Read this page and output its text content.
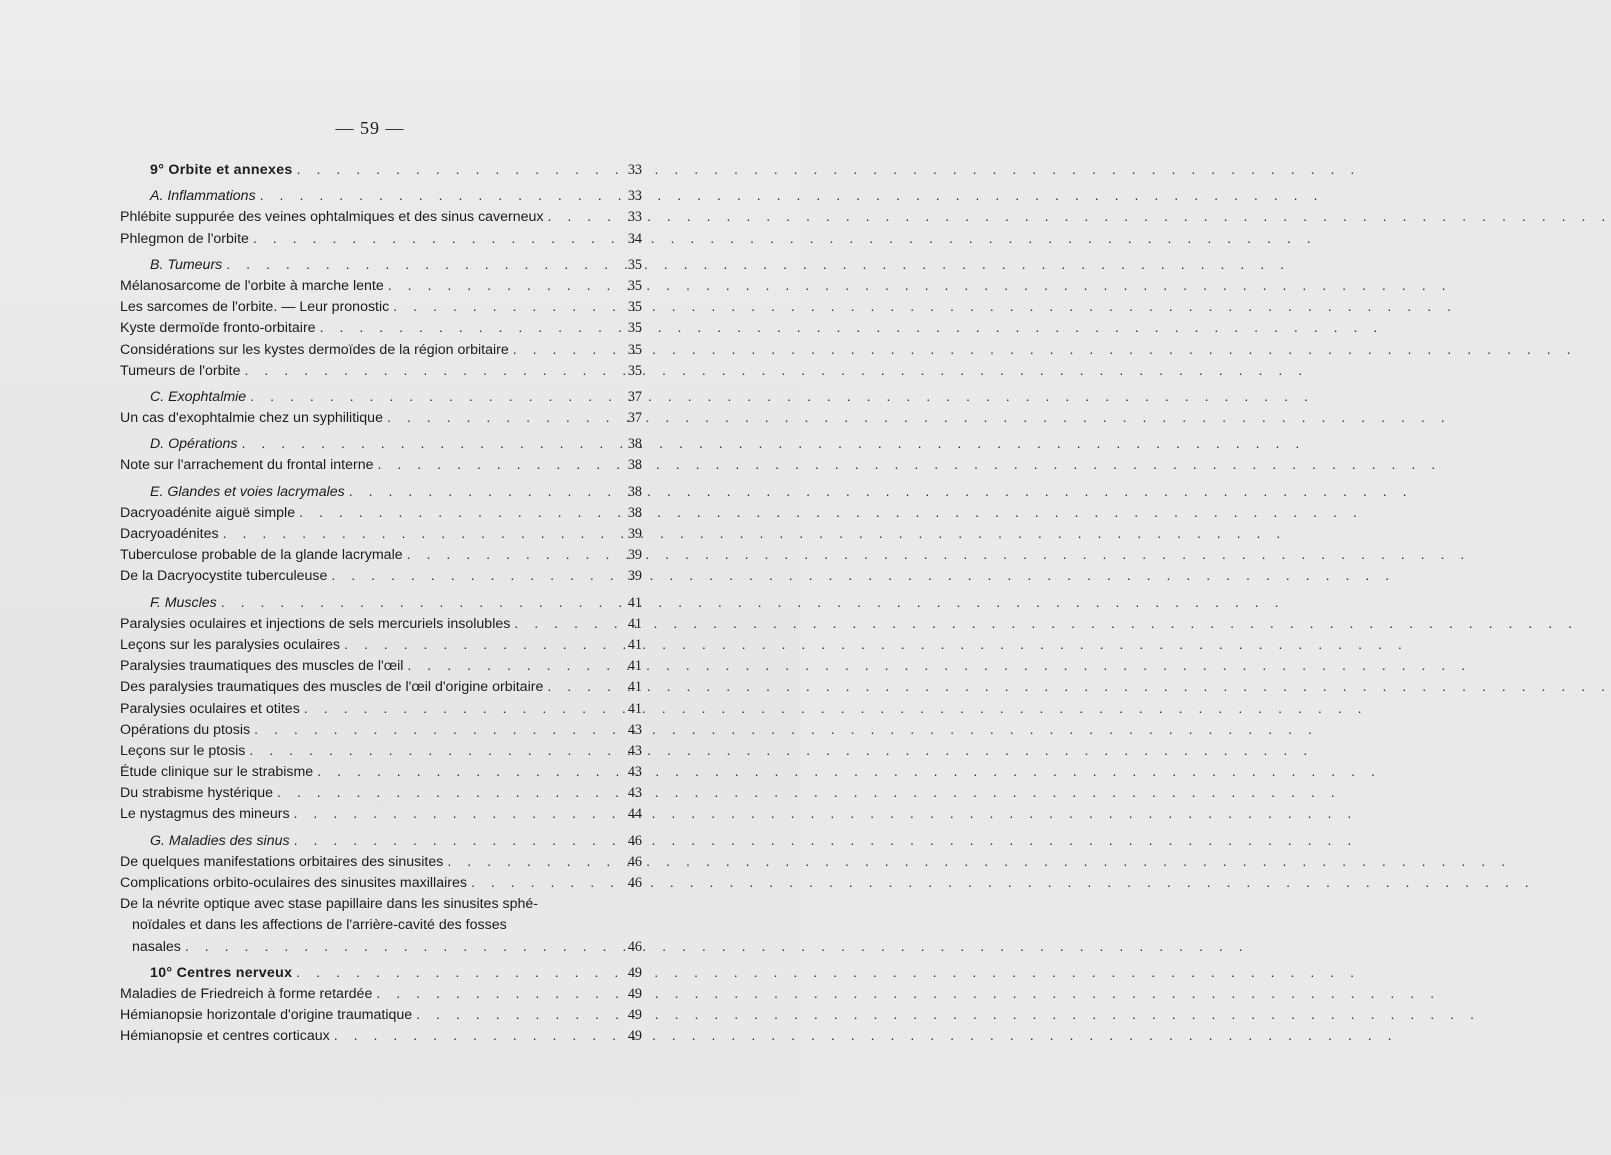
— 59 —
9° Orbite et annexes . . .	33
A. Inflammations . . .	33
Phlébite suppurée des veines ophtalmiques et des sinus caverneux . . .	33
Phlegmon de l'orbite . . .	34
B. Tumeurs . . .	35
Mélanosarcome de l'orbite à marche lente . . .	35
Les sarcomes de l'orbite. — Leur pronostic . . .	35
Kyste dermoïde fronto-orbitaire . . .	35
Considérations sur les kystes dermoïdes de la région orbitaire . . .	35
Tumeurs de l'orbite . . .	35
C. Exophtalmie . . .	37
Un cas d'exophtalmie chez un syphilitique . . .	37
D. Opérations . . .	38
Note sur l'arrachement du frontal interne . . .	38
E. Glandes et voies lacrymales . . .	38
Dacryoadénite aiguë simple . . .	38
Dacryoadénites . . .	39
Tuberculose probable de la glande lacrymale . . .	39
De la Dacryocystite tuberculeuse . . .	39
F. Muscles . . .	41
Paralysies oculaires et injections de sels mercuriels insolubles . . .	41
Leçons sur les paralysies oculaires . . .	41
Paralysies traumatiques des muscles de l'œil . . .	41
Des paralysies traumatiques des muscles de l'œil d'origine orbitaire . . .	41
Paralysies oculaires et otites . . .	41
Opérations du ptosis . . .	43
Leçons sur le ptosis . . .	43
Étude clinique sur le strabisme . . .	43
Du strabisme hystérique . . .	43
Le nystagmus des mineurs . . .	44
G. Maladies des sinus . . .	46
De quelques manifestations orbitaires des sinusites . . .	46
Complications orbito-oculaires des sinusites maxillaires . . .	46
De la névrite optique avec stase papillaire dans les sinusites sphé-
noïdales et dans les affections de l'arrière-cavité des fosses
nasales . . .	46
10° Centres nerveux . . .	49
Maladies de Friedreich à forme retardée . . .	49
Hémianopsie horizontale d'origine traumatique . . .	49
Hémianopsie et centres corticaux . . .	49
